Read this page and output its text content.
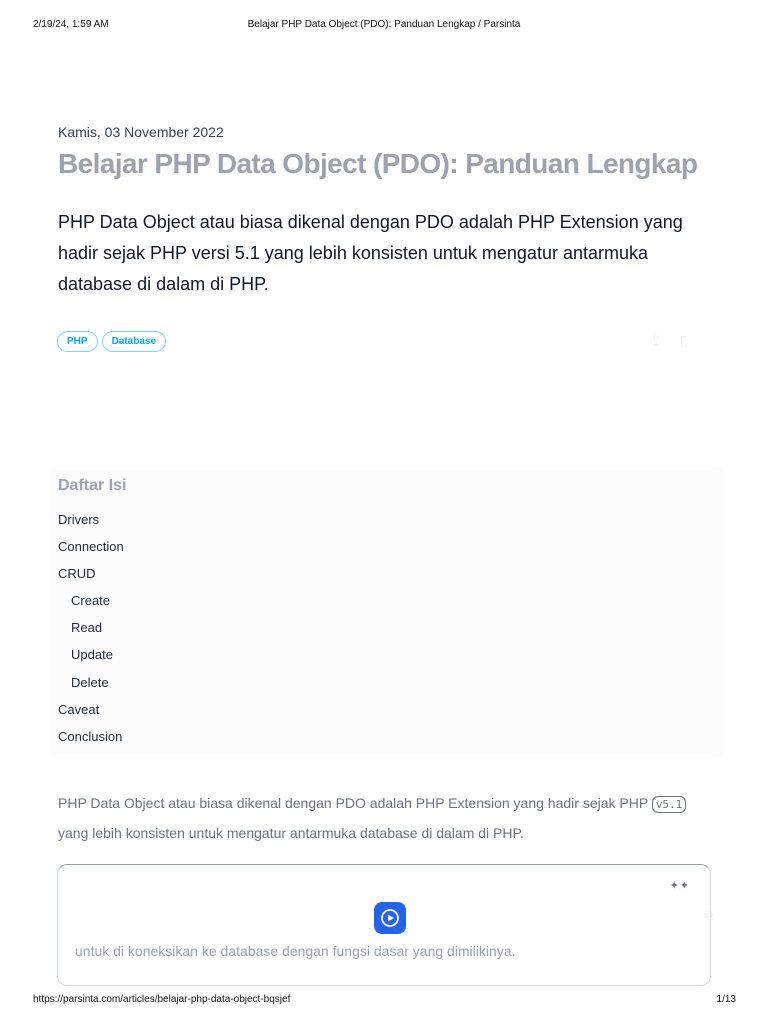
2/19/24, 1:59 AM	Belajar PHP Data Object (PDO): Panduan Lengkap / Parsinta
Kamis, 03 November 2022
Belajar PHP Data Object (PDO): Panduan Lengkap

PHP Data Object atau biasa dikenal dengan PDO adalah PHP Extension yang hadir sejak PHP versi 5.1 yang lebih konsisten untuk mengatur antarmuka database di dalam di PHP.

PHP	Database	⇪ ▯
Daftar Isi
Drivers
Connection
CRUD
Create
Read
Update
Delete
Caveat
Conclusion

PHP Data Object atau biasa dikenal dengan PDO adalah PHP Extension yang hadir sejak PHP v5.1
yang lebih konsisten untuk mengatur antarmuka database di dalam di PHP.

✦✦
⧉
untuk di koneksikan ke database dengan fungsi dasar yang dimilikinya.
https://parsinta.com/articles/belajar-php-data-object-bqsjef	1/13
